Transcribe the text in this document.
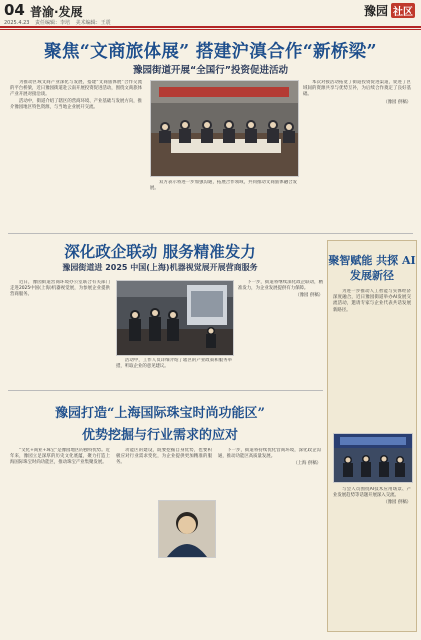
04 普渝·发展	豫园 社区
2025.4.23 责任编辑：李培 美术编辑：王震
聚焦“文商旅体展” 搭建沪滇合作“新桥梁”
豫园街道开展“全国行”投资促进活动

为推动区域文商产业深化与发展，搭建“文商旅体展”合作交流的平台桥梁，近日豫园街道赴云南开展投资促进活动，围绕文商旅体产业开展对接洽谈。

活动中，街道介绍了辖区的营商环境、产业基础与发展方向，推介豫园地区特色资源，与当地企业展开交流。

双方表示将进一步加强沟通，拓展合作领域，共同推动文商旅体融合发展。

本次对接活动拓宽了街道投资促进渠道，促进了区域间的资源共享与优势互补，为后续合作奠定了良好基础。

（豫园 供稿）

深化政企联动 服务精准发力
豫园街道进 2025 中国(上海)机器视觉展开展营商服务

近日，豫园街道营商环境办公室联合有关部门走进2025中国(上海)机器视觉展，为参展企业提供营商服务。

活动中，工作人员详细介绍了辖区的产业政策和服务举措，听取企业的意见建议。

下一步，街道将继续深化政企联动，精准发力，为企业发展提供有力保障。

（豫园 供稿）

聚智赋能 共探 AI 发展新径

为进一步推动人工智能与实体经济深度融合，近日豫园街道举办AI发展交流活动，邀请专家与企业代表共话发展新路径。

与会人员围绕AI技术应用场景、产业发展趋势等话题开展深入交流。

（豫园 供稿）

豫园打造“上海国际珠宝时尚功能区”
优势挖掘与行业需求的应对

“文化+商业+珠宝”是豫园地区的独特优势。近年来，豫园立足深厚的历史文化底蕴，聚力打造上海国际珠宝时尚功能区，推动珠宝产业集聚发展。

功能区的建设，既要挖掘自身优势，也要积极应对行业需求变化，为企业提供更加精准的服务。

下一步，街道将持续优化营商环境，深化政企沟通，推动功能区高质量发展。

（上海 供稿）
